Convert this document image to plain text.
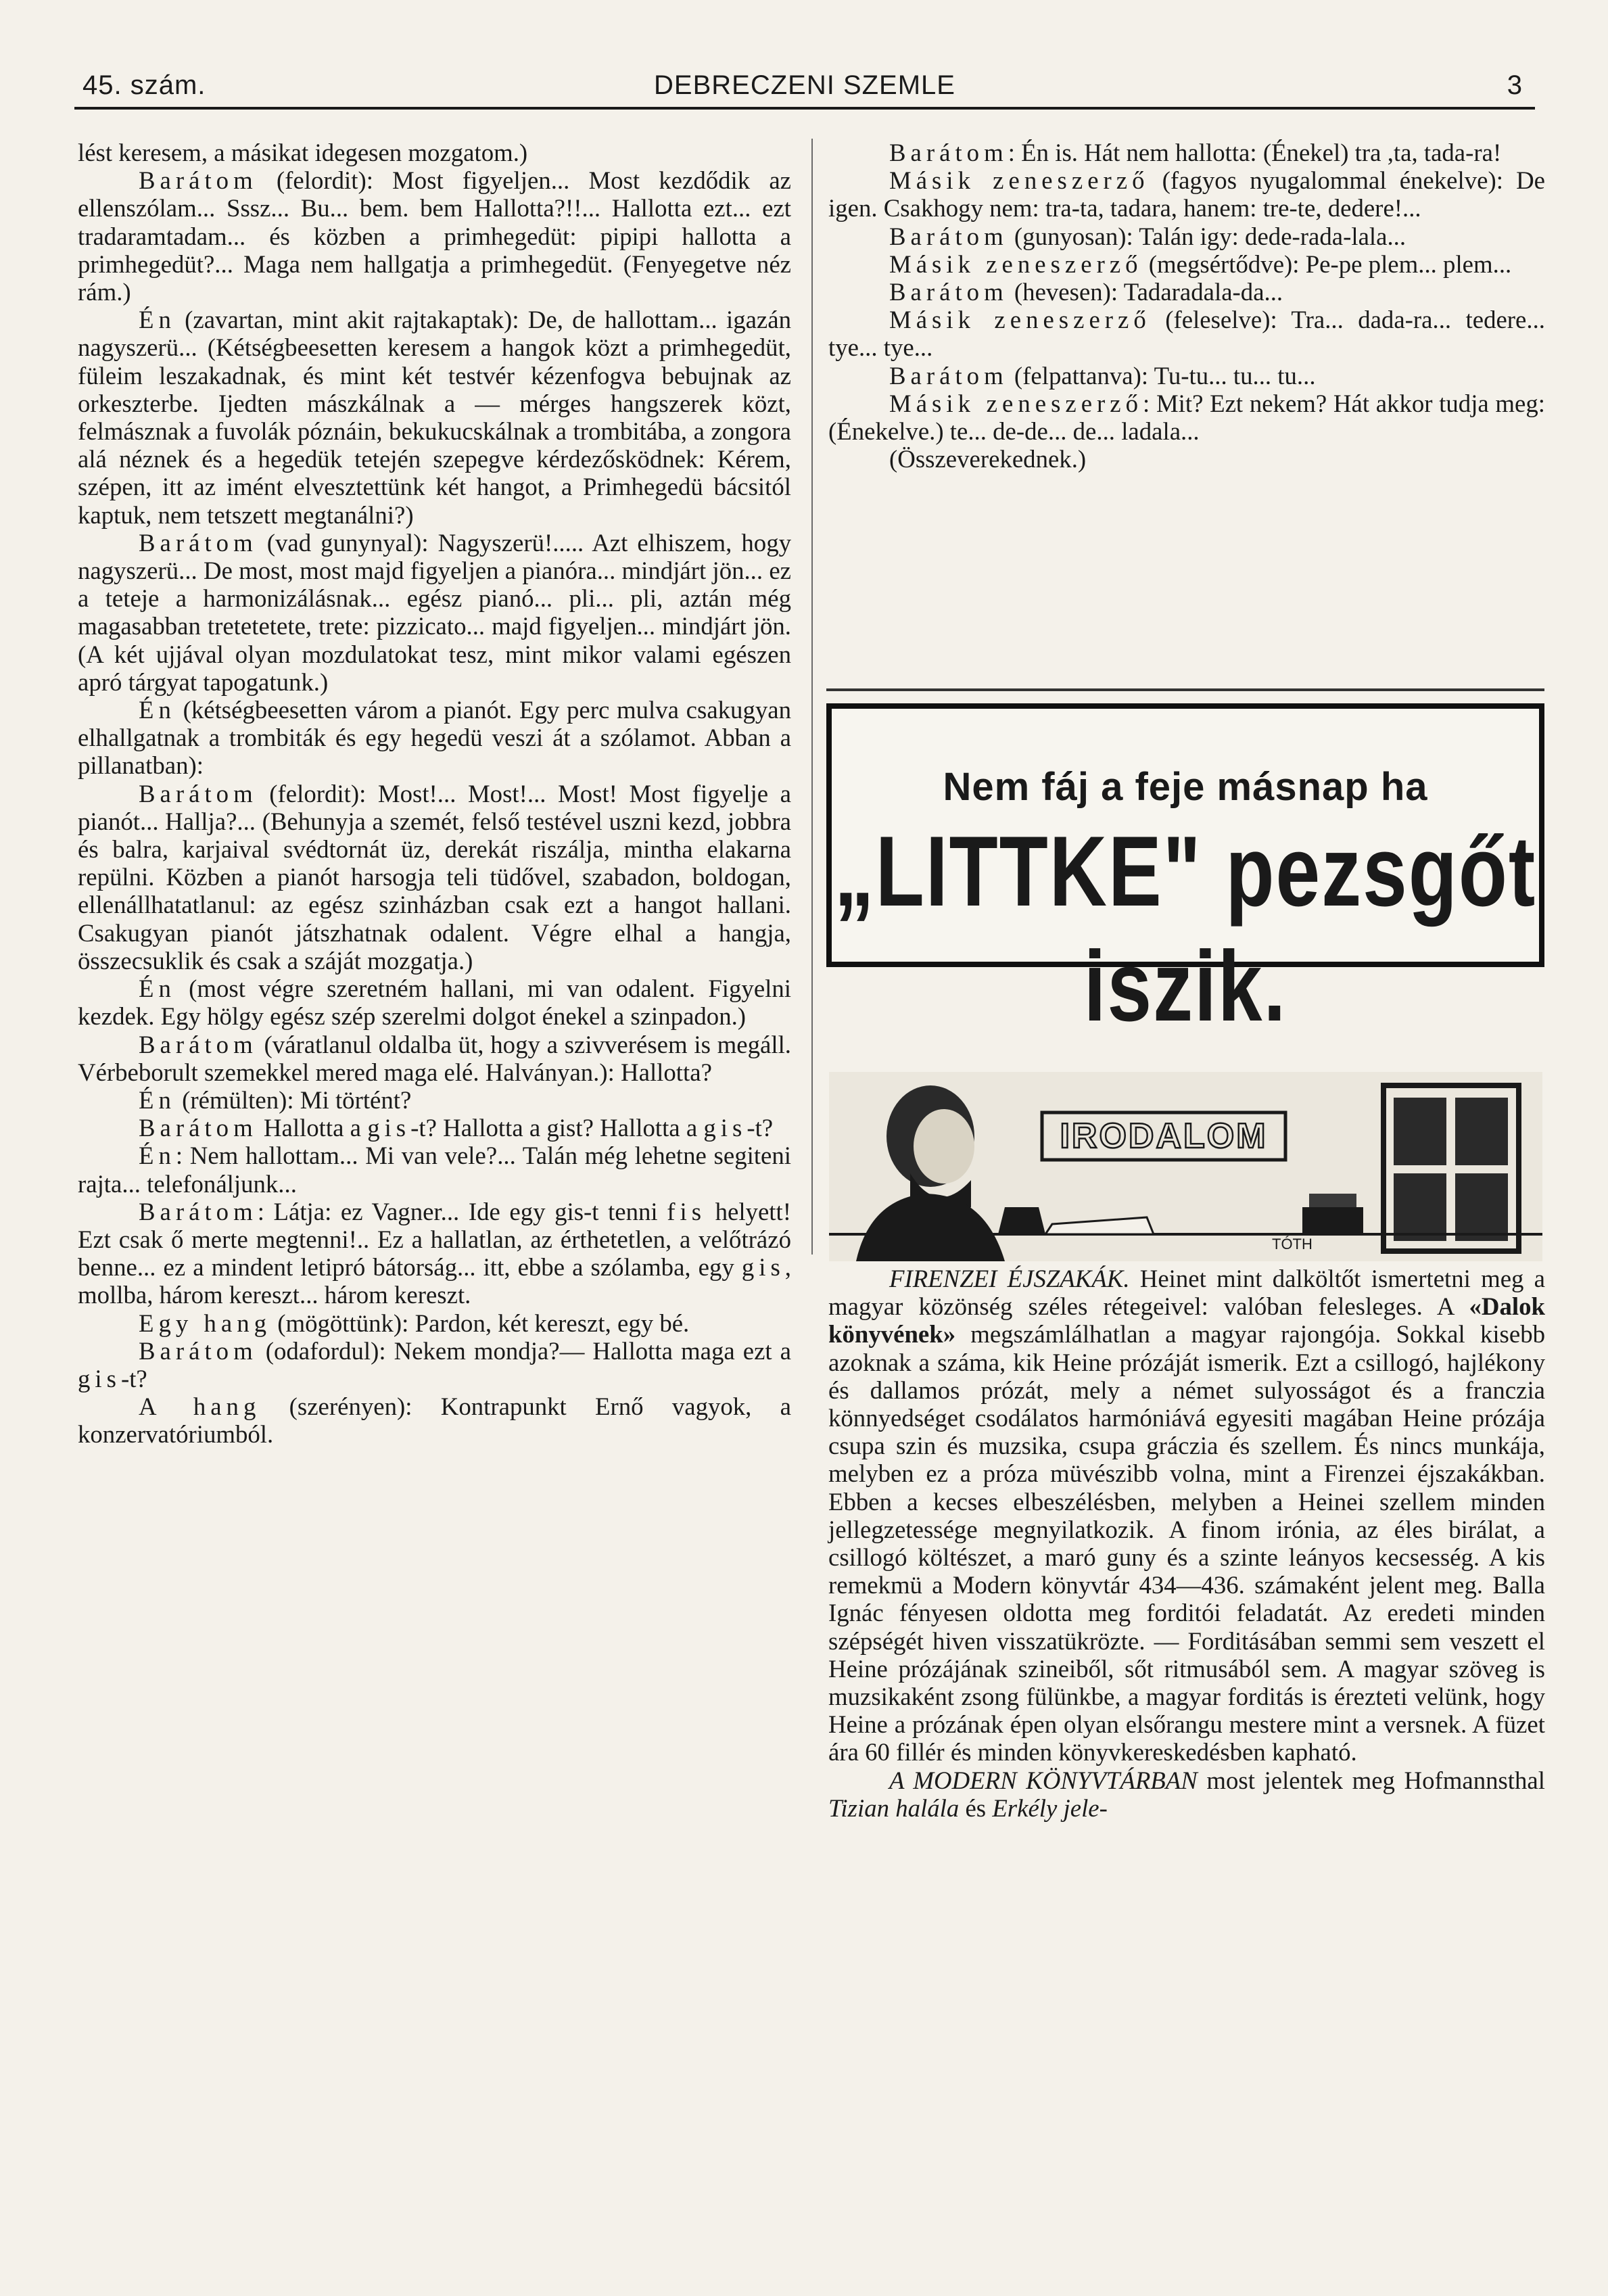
45. szám.	DEBRECZENI SZEMLE	3

lést keresem, a másikat idegesen mozgatom.)

Barátom (felordit): Most figyeljen... Most kezdődik az ellenszólam... Sssz... Bu... bem. bem Hallotta?!!... Hallotta ezt... ezt tradaramtadam... és közben a primhegedüt: pipipi hallotta a primhegedüt?... Maga nem hallgatja a primhegedüt. (Fenyegetve néz rám.)

Én (zavartan, mint akit rajtakaptak): De, de hallottam... igazán nagyszerü... (Kétségbeesetten keresem a hangok közt a primhegedüt, füleim leszakadnak, és mint két testvér kézenfogva bebujnak az orkeszterbe. Ijedten mászkálnak a — mérges hangszerek közt, felmásznak a fuvolák póznáin, bekukucskálnak a trombitába, a zongora alá néznek és a hegedük tetején szepegve kérdezősködnek: Kérem, szépen, itt az imént elvesztettünk két hangot, a Primhegedü bácsitól kaptuk, nem tetszett megtanálni?)

Barátom (vad gunynyal): Nagyszerü!..... Azt elhiszem, hogy nagyszerü... De most, most majd figyeljen a pianóra... mindjárt jön... ez a teteje a harmonizálásnak... egész pianó... pli... pli, aztán még magasabban tretetetete, trete: pizzicato... majd figyeljen... mindjárt jön. (A két ujjával olyan mozdulatokat tesz, mint mikor valami egészen apró tárgyat tapogatunk.)

Én (kétségbeesetten várom a pianót. Egy perc mulva csakugyan elhallgatnak a trombiták és egy hegedü veszi át a szólamot. Abban a pillanatban):

Barátom (felordit): Most!... Most!... Most! Most figyelje a pianót... Hallja?... (Behunyja a szemét, felső testével uszni kezd, jobbra és balra, karjaival svédtornát üz, derekát riszálja, mintha elakarna repülni. Közben a pianót harsogja teli tüdővel, szabadon, boldogan, ellenállhatatlanul: az egész szinházban csak ezt a hangot hallani. Csakugyan pianót játszhatnak odalent. Végre elhal a hangja, összecsuklik és csak a száját mozgatja.)

Én (most végre szeretném hallani, mi van odalent. Figyelni kezdek. Egy hölgy egész szép szerelmi dolgot énekel a szinpadon.)

Barátom (váratlanul oldalba üt, hogy a szivverésem is megáll. Vérbeborult szemekkel mered maga elé. Halványan.): Hallotta?

Én (rémülten): Mi történt?

Barátom Hallotta a gis-t? Hallotta a gist? Hallotta a gis-t?

Én: Nem hallottam... Mi van vele?... Talán még lehetne segiteni rajta... telefonáljunk...

Barátom: Látja: ez Vagner... Ide egy gis-t tenni fis helyett! Ezt csak ő merte megtenni!.. Ez a hallatlan, az érthetetlen, a velőtrázó benne... ez a mindent letipró bátorság... itt, ebbe a szólamba, egy gis, mollba, három kereszt... három kereszt.

Egy hang (mögöttünk): Pardon, két kereszt, egy bé.

Barátom (odafordul): Nekem mondja?— Hallotta maga ezt a gis-t?

A hang (szerényen): Kontrapunkt Ernő vagyok, a konzervatóriumból.

Barátom: Én is. Hát nem hallotta: (Énekel) tra ,ta, tada-ra!

Másik zeneszerző (fagyos nyugalommal énekelve): De igen. Csakhogy nem: tra-ta, tadara, hanem: tre-te, dedere!...

Barátom (gunyosan): Talán igy: dede-rada-lala...

Másik zeneszerző (megsértődve): Pe-pe plem... plem...

Barátom (hevesen): Tadaradala-da...

Másik zeneszerző (feleselve): Tra... dada-ra... tedere... tye... tye...

Barátom (felpattanva): Tu-tu... tu... tu...

Másik zeneszerző: Mit? Ezt nekem? Hát akkor tudja meg: (Énekelve.) te... de-de... de... ladala...

(Összeverekednek.)

Nem fáj a feje másnap ha
„LITTKE" pezsgőt iszik.
IRODALOM
TÓTH

FIRENZEI ÉJSZAKÁK. Heinet mint dalköltőt ismertetni meg a magyar közönség széles rétegeivel: valóban felesleges. A «Dalok könyvének» megszámlálhatlan a magyar rajongója. Sokkal kisebb azoknak a száma, kik Heine prózáját ismerik. Ezt a csillogó, hajlékony és dallamos prózát, mely a német sulyosságot és a franczia könnyedséget csodálatos harmóniává egyesiti magában Heine prózája csupa szin és muzsika, csupa gráczia és szellem. És nincs munkája, melyben ez a próza müvészibb volna, mint a Firenzei éjszakákban. Ebben a kecses elbeszélésben, melyben a Heinei szellem minden jellegzetessége megnyilatkozik. A finom irónia, az éles birálat, a csillogó költészet, a maró guny és a szinte leányos kecsesség. A kis remekmü a Modern könyvtár 434—436. számaként jelent meg. Balla Ignác fényesen oldotta meg forditói feladatát. Az eredeti minden szépségét hiven visszatükrözte. — Forditásában semmi sem veszett el Heine prózájának szineiből, sőt ritmusából sem. A magyar szöveg is muzsikaként zsong fülünkbe, a magyar forditás is érezteti velünk, hogy Heine a prózának épen olyan elsőrangu mestere mint a versnek. A füzet ára 60 fillér és minden könyvkereskedésben kapható.

A MODERN KÖNYVTÁRBAN most jelentek meg Hofmannsthal Tizian halála és Erkély jele-
